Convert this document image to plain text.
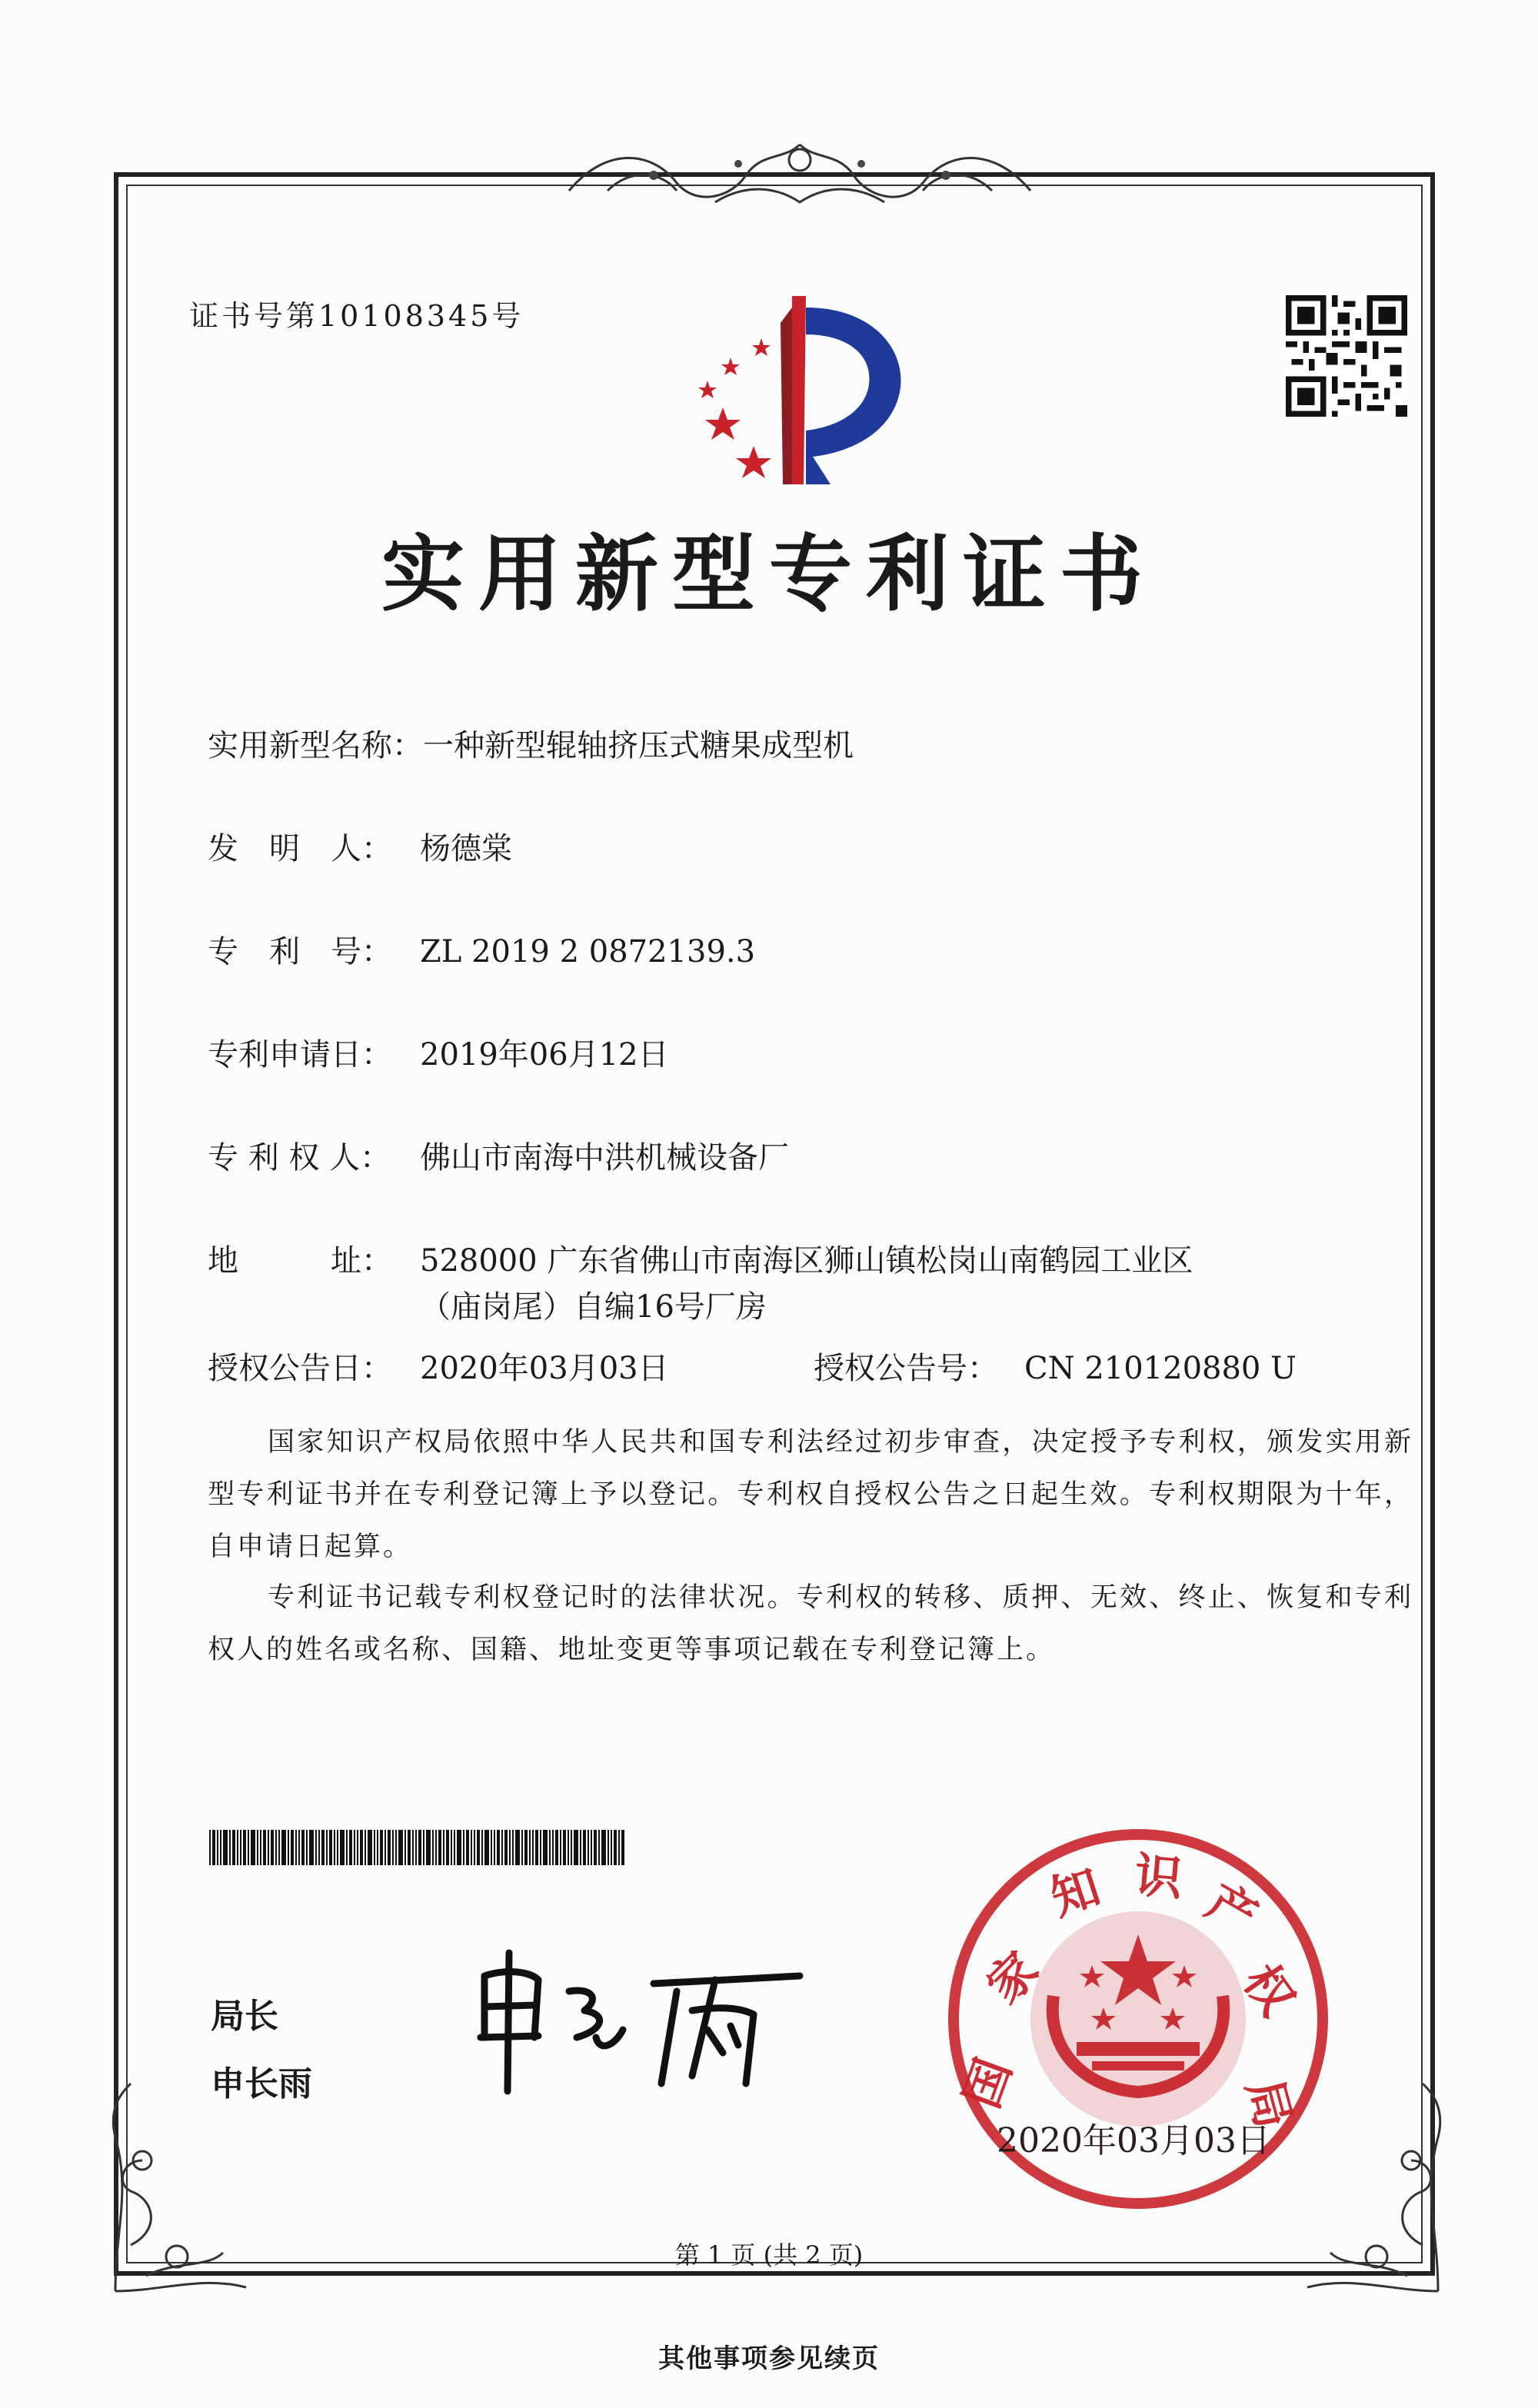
证书号第10108345号
实用新型专利证书
实用新型名称：一种新型辊轴挤压式糖果成型机
发　明　人： 杨德棠
专　利　号： ZL 2019 2 0872139.3
专利申请日： 2019年06月12日
专 利 权 人： 佛山市南海中洪机械设备厂
地　　　址： 528000 广东省佛山市南海区狮山镇松岗山南鹤园工业区
（庙岗尾）自编16号厂房
授权公告日： 2020年03月03日	授权公告号： CN 210120880 U
国家知识产权局依照中华人民共和国专利法经过初步审查，决定授予专利权，颁发实用新型专利证书并在专利登记簿上予以登记。专利权自授权公告之日起生效。专利权期限为十年，自申请日起算。
专利证书记载专利权登记时的法律状况。专利权的转移、质押、无效、终止、恢复和专利权人的姓名或名称、国籍、地址变更等事项记载在专利登记簿上。
局长
申长雨	国
家
知 识 产
权
局
2020年03月03日
第 1 页 (共 2 页)
其他事项参见续页
